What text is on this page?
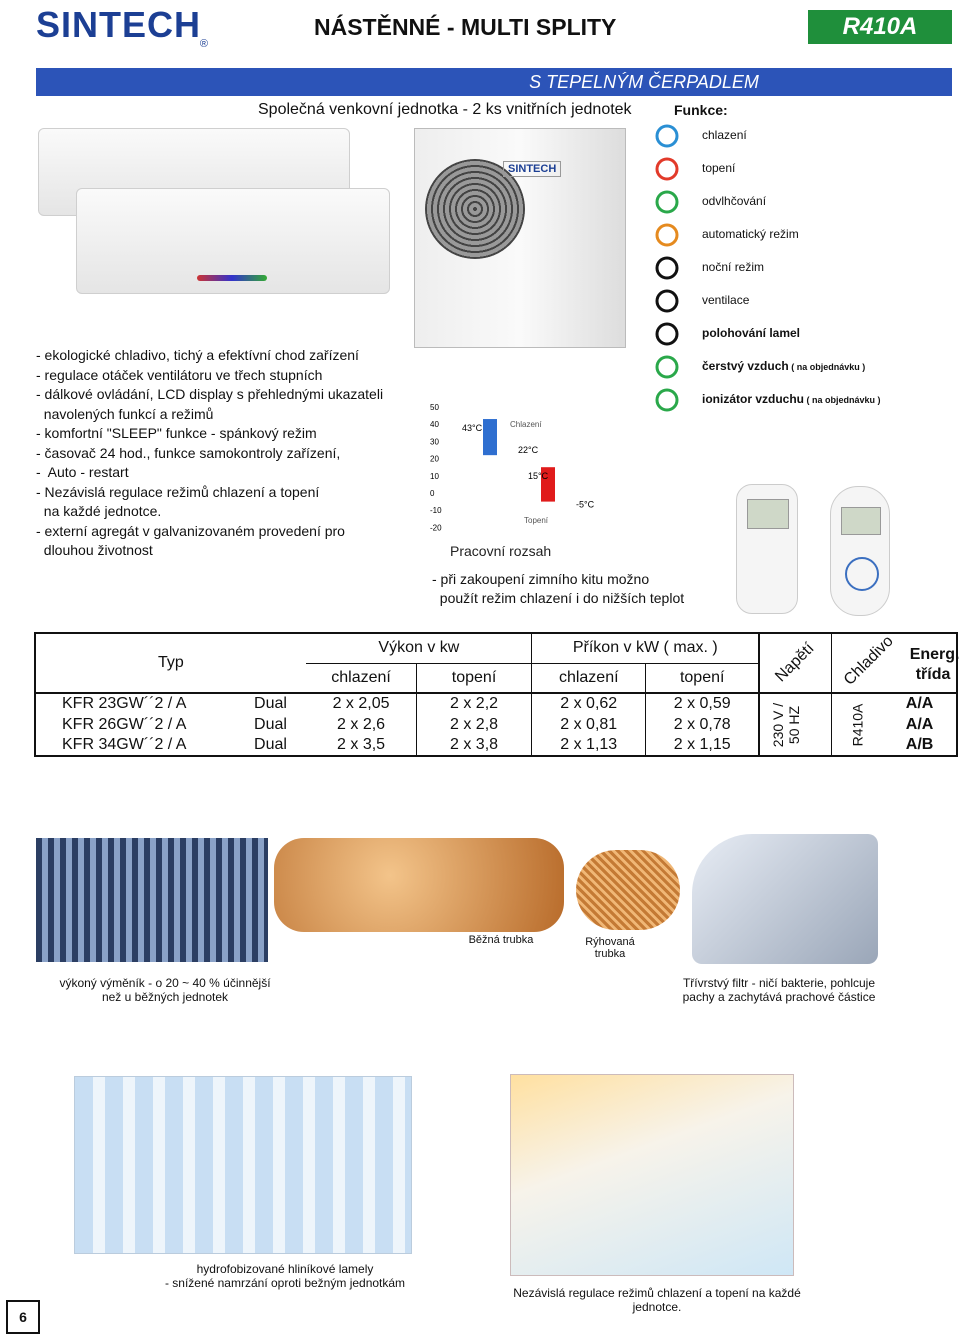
SINTECH
®
NÁSTĚNNÉ - MULTI SPLITY	R410A
S TEPELNÝM ČERPADLEM
Společná venkovní jednotka - 2 ks vnitřních jednotek
SINTECH
Funkce:
chlazení
topení
odvlhčování
automatický režim
noční režim
ventilace
polohování lamel
čerstvý vzduch ( na objednávku )
ionizátor vzduchu ( na objednávku )
- ekologické chladivo, tichý a efektívní chod zařízení
- regulace otáček ventilátoru ve třech stupních
- dálkové ovládání, LCD display s přehlednými ukazateli
navolených funkcí a režimů
- komfortní "SLEEP" funkce - spánkový režim
- časovač 24 hod., funkce samokontroly zařízení,
-  Auto - restart
- Nezávislá regulace režimů chlazení a topení
na každé jednotce.
- externí agregát v galvanizovaném provedení pro
dlouhou životnost
50
40
30
20
10
0
-10
-20
43°C
22°C
Chlazení
15°C
-5°C
Topení
Pracovní rozsah
- při zakoupení zimního kitu možno
použít režim chlazení i do nižších teplot
Typ		Výkon v kw		Příkon v kW ( max. )		Napětí	Chladivo Energ.
třída	

		chlazení	topení	chlazení	topení			
KFR 23GW´´2 / A	Dual	2 x 2,05	2 x 2,2	2 x 0,62	2 x 0,59	230 V / 50 HZ	R410A	A/A
KFR 26GW´´2 / A	Dual	2 x 2,6	2 x 2,8	2 x 0,81	2 x 0,78			A/A
KFR 34GW´´2 / A	Dual	2 x 3,5	2 x 3,8	2 x 1,13	2 x 1,15			A/B
Běžná trubka	Rýhovaná trubka
výkoný výměník - o 20 ~ 40 % účinnější
než u běžných jednotek
Třívrstvý filtr - ničí bakterie, pohlcuje
pachy a zachytává prachové částice
hydrofobizované hliníkové lamely
- snížené namrzání oproti bežným jednotkám
Nezávislá regulace režimů chlazení a topení na každé
jednotce.
6
